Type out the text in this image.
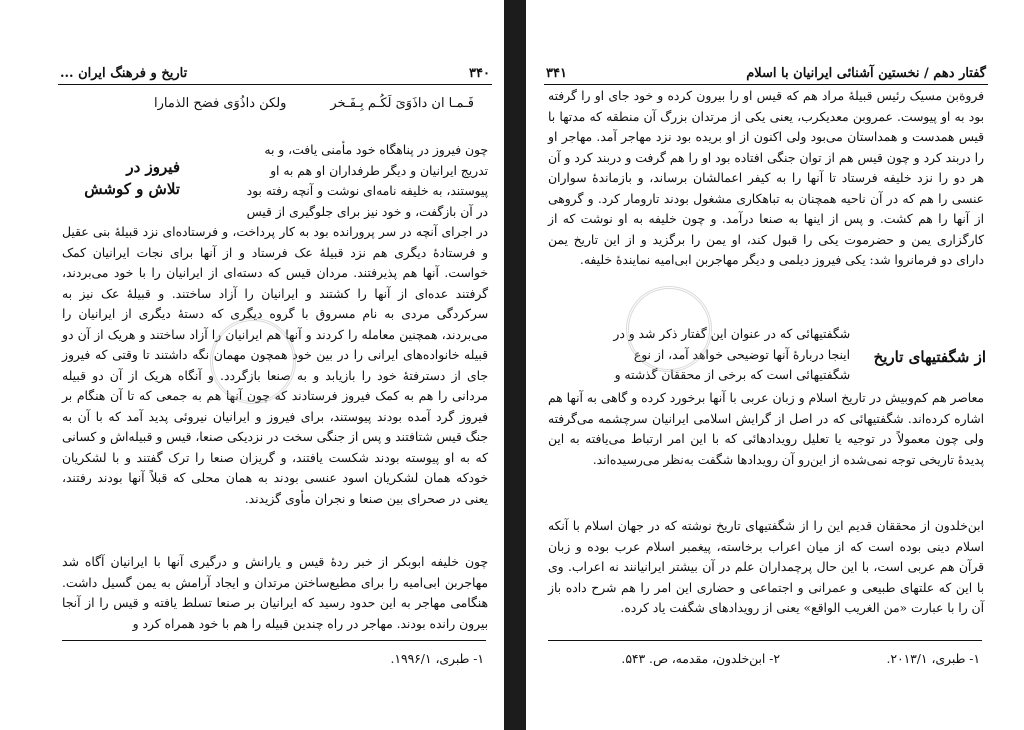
۳۴۰
تاریخ و فرهنگ ایران ...
فَـمـا ان داذَوَیَ لَکُـم بِـفَـخر
ولکن داذُوَی فضح الذمارا
فیروز در
تلاش و کوشش

چون فیروز در پناهگاه خود مأمنی یافت، و به

تدریج ایرانیان و دیگر طرفداران او هم به او

پیوستند، به خلیفه نامه‌ای نوشت و آنچه رفته بود

در آن بازگفت، و خود نیز برای جلوگیری از قیس

در اجرای آنچه در سر پرورانده بود به کار پرداخت، و فرستاده‌ای نزد قبیلهٔ بنی عقیل و فرستادهٔ دیگری هم نزد قبیلهٔ عک فرستاد و از آنها برای نجات ایرانیان کمک خواست. آنها هم پذیرفتند. مردان قیس که دسته‌ای از ایرانیان را با خود می‌بردند، گرفتند عده‌ای از آنها را کشتند و ایرانیان را آزاد ساختند. و قبیلهٔ عک نیز به سرکردگی مردی به نام مسروق با گروه دیگری که دستهٔ دیگری از ایرانیان را می‌بردند، همچنین معامله را کردند و آنها هم ایرانیان را آزاد ساختند و هریک از آن دو قبیله خانواده‌های ایرانی را در بین خود همچون مهمان نگه داشتند تا وقتی که فیروز جای از دسترفتهٔ خود را بازیابد و به صنعا بازگردد. و آنگاه هریک از آن دو قبیله مردانی را هم به کمک فیروز فرستادند که چون آنها هم به جمعی که تا آن هنگام بر فیروز گرد آمده بودند پیوستند، برای فیروز و ایرانیان نیرو‌ئی پدید آمد که با آن به جنگ قیس شتافتند و پس از جنگی سخت در نزدیکی صنعا، قیس و قبیله‌اش و کسانی که به او پیوسته بودند شکست یافتند، و گریزان صنعا را ترک گفتند و با لشکریان خودکه همان لشکریان اسود عنسی بودند به همان محلی که قبلاً آنها بودند رفتند، یعنی در صحرای بین صنعا و نجران مأوی گزیدند.

چون خلیفه ابوبکر از خبر ردهٔ قیس و یارانش و درگیری آنها با ایرانیان آگاه شد مهاجربن ابی‌امیه را برای مطیع‌ساختن مرتدان و ایجاد آرامش به یمن گسیل داشت. هنگامی مهاجر به این حدود رسید که ایرانیان بر صنعا تسلط یافته و قیس را از آنجا بیرون رانده بودند. مهاجر در راه چندین قبیله را هم با خود همراه کرد و

۱- طبری، ۱۹۹۶/۱.
گفتار دهم / نخستین آشنائی ایرانیان با اسلام
۳۴۱

فروةبن مسیک رئیس قبیلهٔ مراد هم که قیس او را بیرون کرده و خود جای او را گرفته بود به او پیوست. عمروبن معدیکرب، یعنی یکی از مرتدان بزرگ آن منطقه که مدتها با قیس همدست و همداستان می‌بود ولی اکنون از او بریده بود نزد مهاجر آمد. مهاجر او را دربند کرد و چون قیس هم از توان جنگی افتاده بود او را هم گرفت و دربند کرد و آن هر دو را نزد خلیفه فرستاد تا آنها را به کیفر اعمالشان برساند، و بازماندهٔ سواران عنسی را هم که در آن ناحیه همچنان به تباهکاری مشغول بودند تارومار کرد. و گروهی از آنها را هم کشت. و پس از اینها به صنعا درآمد. و چون خلیفه به او نوشت که از کارگزاری یمن و حضرموت یکی را قبول کند، او یمن را برگزید و از این تاریخ یمن دارای دو فرمانروا شد: یکی فیروز دیلمی و دیگر مهاجربن ابی‌امیه نمایندهٔ خلیفه.

از شگفتیهای تاریخ

شگفتیهائی که در عنوان این گفتار ذکر شد و در

اینجا دربارهٔ آنها توضیحی خواهد آمد، از نوع

شگفتیهائی است که برخی از محققان گذشته و

معاصر هم کم‌وبیش در تاریخ اسلام و زبان عربی با آنها برخورد کرده و گاهی به آنها هم اشاره کرده‌اند. شگفتیهائی که در اصل از گرایش اسلامی ایرانیان سرچشمه می‌گرفته ولی چون معمولاً در توجیه یا تعلیل رویدادهائی که با این امر ارتباط می‌یافته به این پدیدهٔ تاریخی توجه نمی‌شده از این‌رو آن رویدادها شگفت به‌نظر می‌رسیده‌اند.

ابن‌خلدون از محققان قدیم این را از شگفتیهای تاریخ نوشته که در جهان اسلام با آنکه اسلام دینی بوده است که از میان اعراب برخاسته، پیغمبر اسلام عرب بوده و زبان قرآن هم عربی است، با این حال پرچمداران علم در آن بیشتر ایرانیانند نه اعراب. وی با این که علتهای طبیعی و عمرانی و اجتماعی و حضاری این امر را هم شرح داده باز آن را با عبارت «من الغریب الواقع» یعنی از رویدادهای شگفت یاد کرده.

۱- طبری، ۲۰۱۳/۱.
۲- ابن‌خلدون، مقدمه، ص. ۵۴۳.
